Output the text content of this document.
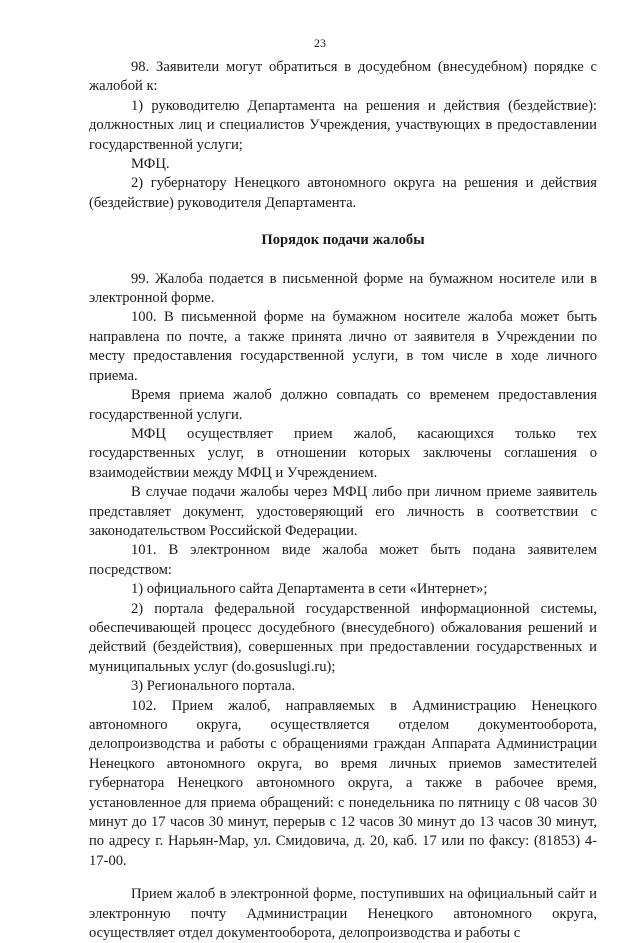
23

98. Заявители могут обратиться в досудебном (внесудебном) порядке с жалобой к:

1) руководителю Департамента на решения и действия (бездействие): должностных лиц и специалистов Учреждения, участвующих в предоставлении государственной услуги;

МФЦ.

2) губернатору Ненецкого автономного округа на решения и действия (бездействие) руководителя Департамента.

Порядок подачи жалобы

99. Жалоба подается в письменной форме на бумажном носителе или в электронной форме.

100. В письменной форме на бумажном носителе жалоба может быть направлена по почте, а также принята лично от заявителя в Учреждении по месту предоставления государственной услуги, в том числе в ходе личного приема.

Время приема жалоб должно совпадать со временем предоставления государственной услуги.

МФЦ осуществляет прием жалоб, касающихся только тех государственных услуг, в отношении которых заключены соглашения о взаимодействии между МФЦ и Учреждением.

В случае подачи жалобы через МФЦ либо при личном приеме заявитель представляет документ, удостоверяющий его личность в соответствии с законодательством Российской Федерации.

101. В электронном виде жалоба может быть подана заявителем посредством:

1) официального сайта Департамента в сети «Интернет»;

2) портала федеральной государственной информационной системы, обеспечивающей процесс досудебного (внесудебного) обжалования решений и действий (бездействия), совершенных при предоставлении государственных и муниципальных услуг (do.gosuslugi.ru);

3) Регионального портала.

102. Прием жалоб, направляемых в Администрацию Ненецкого автономного округа, осуществляется отделом документооборота, делопроизводства и работы с обращениями граждан Аппарата Администрации Ненецкого автономного округа, во время личных приемов заместителей губернатора Ненецкого автономного округа, а также в рабочее время, установленное для приема обращений: с понедельника по пятницу с 08 часов 30 минут до 17 часов 30 минут, перерыв с 12 часов 30 минут до 13 часов 30 минут, по адресу г. Нарьян-Мар, ул. Смидовича, д. 20, каб. 17 или по факсу: (81853) 4-17-00.

Прием жалоб в электронной форме, поступивших на официальный сайт и электронную почту Администрации Ненецкого автономного округа, осуществляет отдел документооборота, делопроизводства и работы с
